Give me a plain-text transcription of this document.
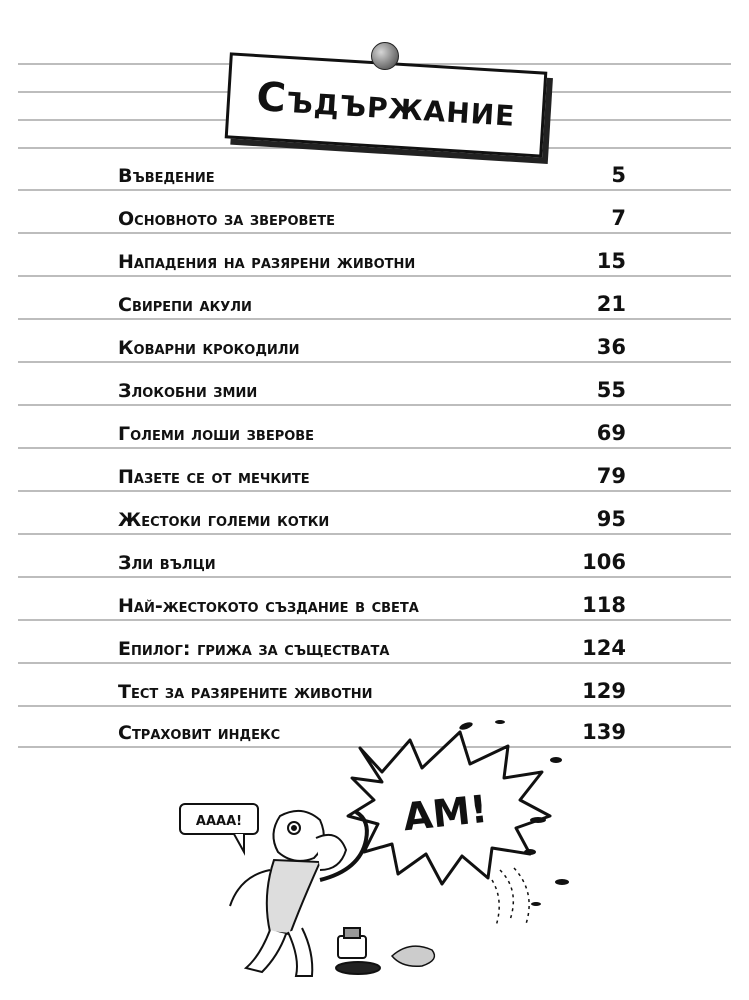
Съдържание
Въведение	5
Основното за зверовете	7
Нападения на разярени животни	15
Свирепи акули	21
Коварни крокодили	36
Злокобни змии	55
Големи лоши зверове	69
Пазете се от мечките	79
Жестоки големи котки	95
Зли вълци	106
Най-жестокото създание в света	118
Епилог: грижа за съществата	124
Тест за разярените животни	129
Страховит индекс	139
АМ!
АААА!
